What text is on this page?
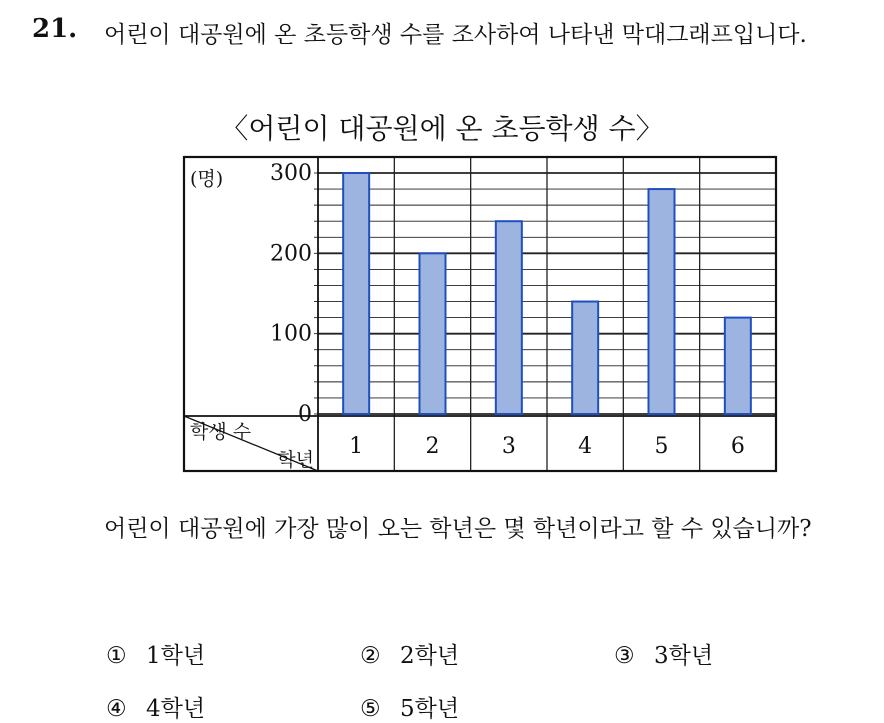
21. 어린이 대공원에 온 초등학생 수를 조사하여 나타낸 막대그래프입니다.
〈어린이 대공원에 온 초등학생 수〉
(명)
0
100
200
300
학생 수
학년
1	2	3	4	5	6
어린이 대공원에 가장 많이 오는 학년은 몇 학년이라고 할 수 있습니까?
① 1학년	② 2학년	③ 3학년
④ 4학년	⑤ 5학년
